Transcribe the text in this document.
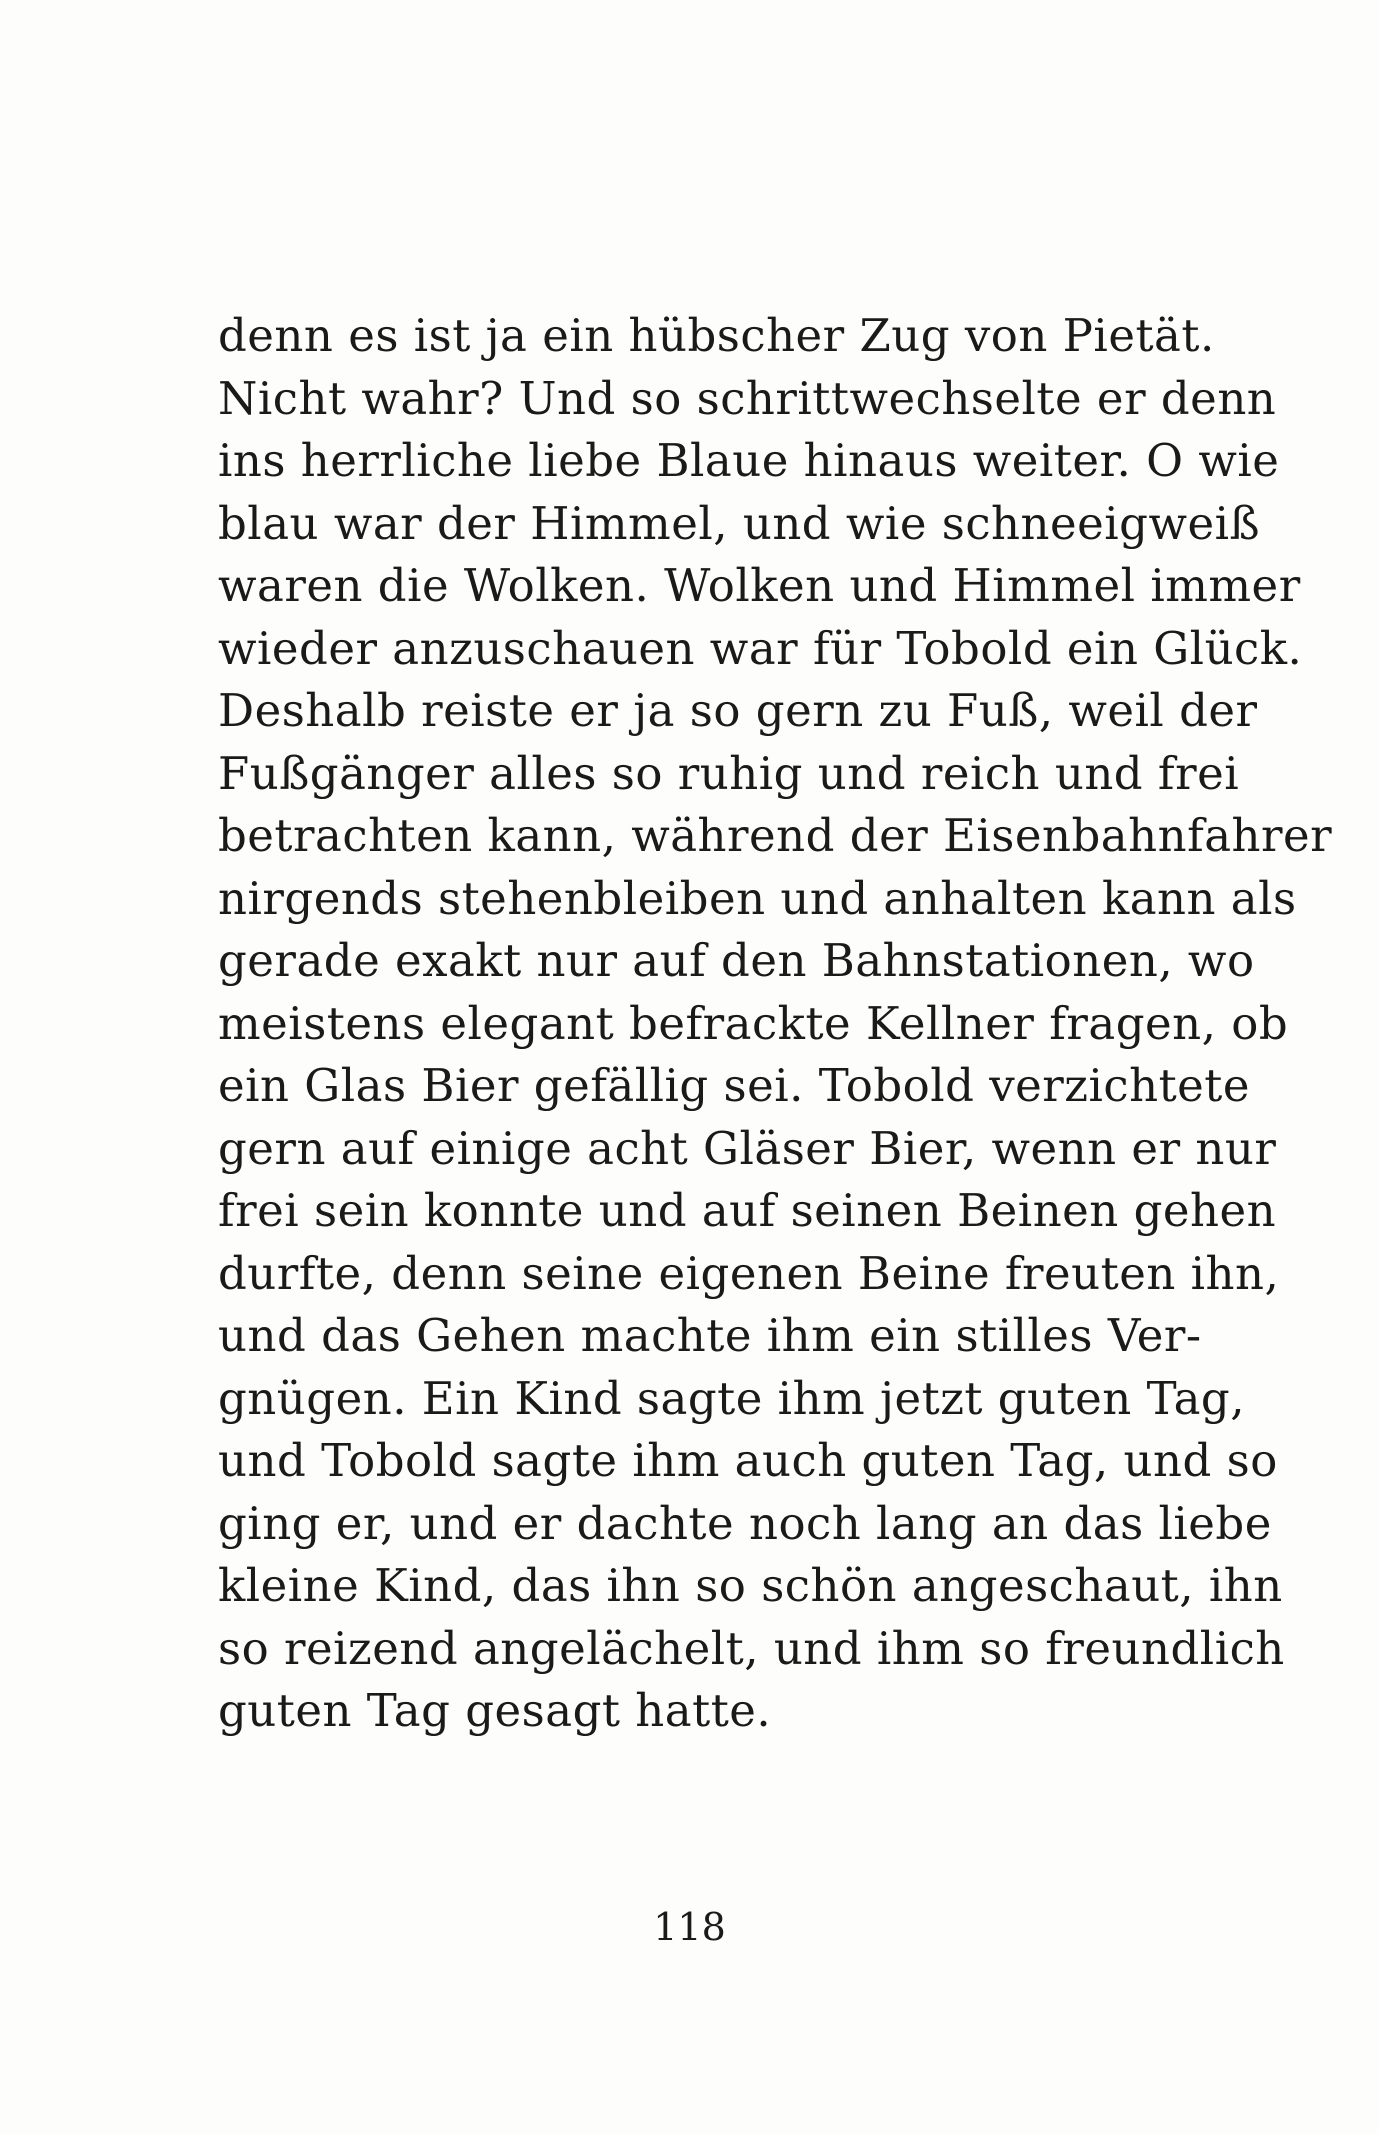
denn es ist ja ein hübscher Zug von Pietät.
Nicht wahr? Und so schrittwechselte er denn
ins herrliche liebe Blaue hinaus weiter. O wie
blau war der Himmel, und wie schneeigweiß
waren die Wolken. Wolken und Himmel immer
wieder anzuschauen war für Tobold ein Glück.
Deshalb reiste er ja so gern zu Fuß, weil der
Fußgänger alles so ruhig und reich und frei
betrachten kann, während der Eisenbahnfahrer
nirgends stehenbleiben und anhalten kann als
gerade exakt nur auf den Bahnstationen, wo
meistens elegant befrackte Kellner fragen, ob
ein Glas Bier gefällig sei. Tobold verzichtete
gern auf einige acht Gläser Bier, wenn er nur
frei sein konnte und auf seinen Beinen gehen
durfte, denn seine eigenen Beine freuten ihn,
und das Gehen machte ihm ein stilles Ver-
gnügen. Ein Kind sagte ihm jetzt guten Tag,
und Tobold sagte ihm auch guten Tag, und so
ging er, und er dachte noch lang an das liebe
kleine Kind, das ihn so schön angeschaut, ihn
so reizend angelächelt, und ihm so freundlich
guten Tag gesagt hatte.
118
